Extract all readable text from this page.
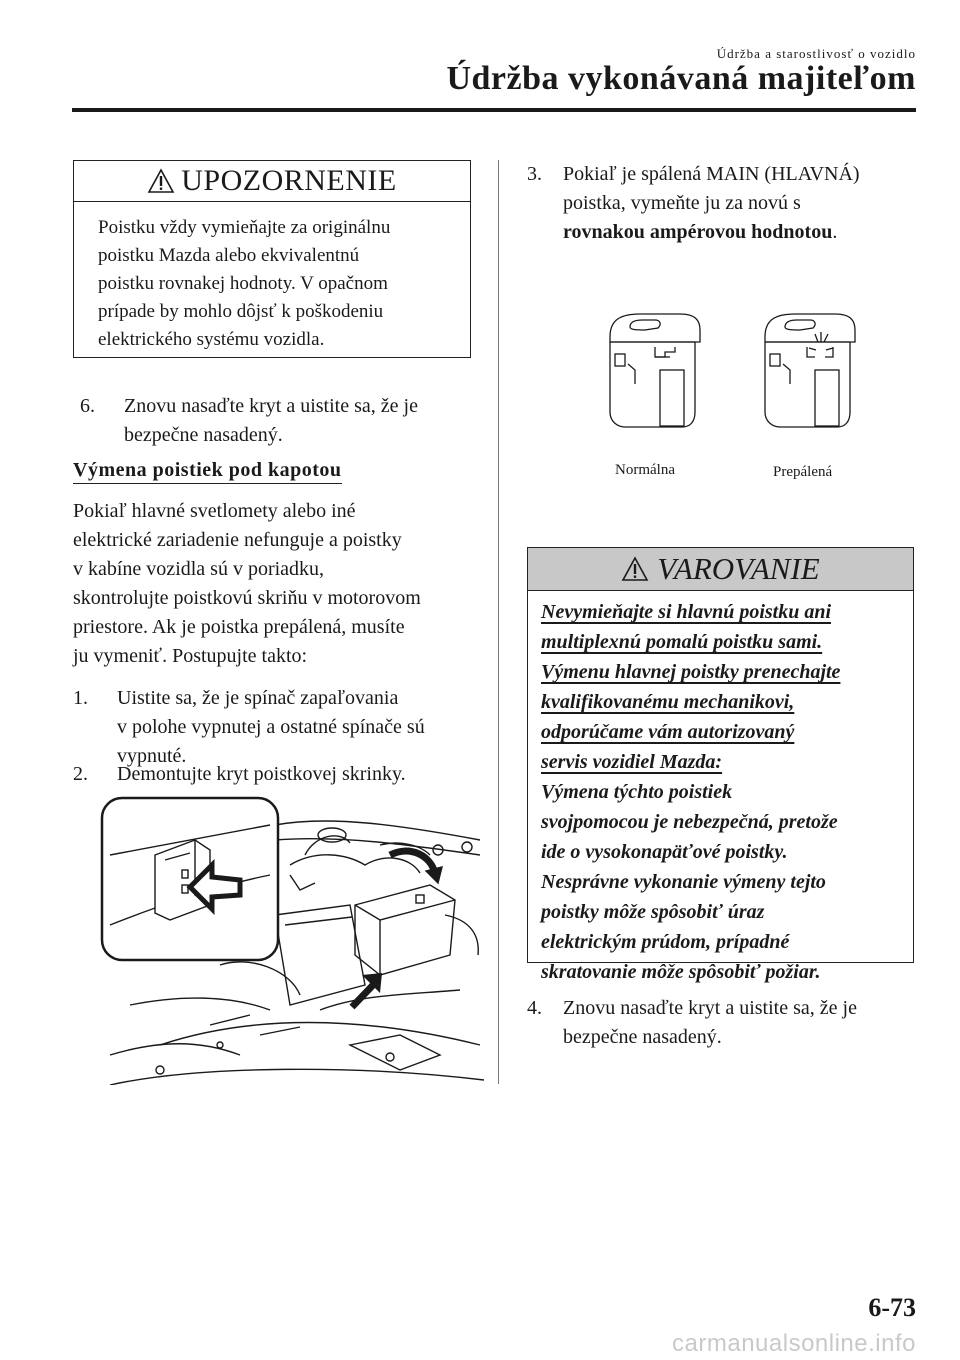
Údržba a starostlivosť o vozidlo
Údržba vykonávaná majiteľom
UPOZORNENIE
Poistku vždy vymieňajte za originálnu
poistku Mazda alebo ekvivalentnú
poistku rovnakej hodnoty. V opačnom
prípade by mohlo dôjsť k poškodeniu
elektrického systému vozidla.
6. Znovu nasaďte kryt a uistite sa, že je
bezpečne nasadený.
Výmena poistiek pod kapotou
Pokiaľ hlavné svetlomety alebo iné
elektrické zariadenie nefunguje a poistky
v kabíne vozidla sú v poriadku,
skontrolujte poistkovú skriňu v motorovom
priestore. Ak je poistka prepálená, musíte
ju vymeniť. Postupujte takto:
1. Uistite sa, že je spínač zapaľovania
v polohe vypnutej a ostatné spínače sú
vypnuté.
2. Demontujte kryt poistkovej skrinky.
3. Pokiaľ je spálená MAIN (HLAVNÁ)
poistka, vymeňte ju za novú s
rovnakou ampérovou hodnotou.
Normálna	Prepálená
VAROVANIE
Nevymieňajte si hlavnú poistku ani
multiplexnú pomalú poistku sami.
Výmenu hlavnej poistky prenechajte
kvalifikovanému mechanikovi,
odporúčame vám autorizovaný
servis vozidiel Mazda:
Výmena týchto poistiek
svojpomocou je nebezpečná, pretože
ide o vysokonapäťové poistky.
Nesprávne vykonanie výmeny tejto
poistky môže spôsobiť úraz
elektrickým prúdom, prípadné
skratovanie môže spôsobiť požiar.
4. Znovu nasaďte kryt a uistite sa, že je
bezpečne nasadený.
6-73
carmanualsonline.info
